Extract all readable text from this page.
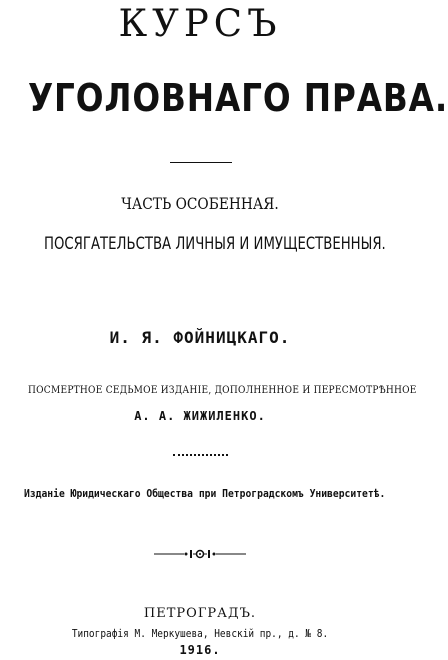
КУРСЪ
УГОЛОВНАГО ПРАВА.
ЧАСТЬ ОСОБЕННАЯ.
ПОСЯГАТЕЛЬСТВА ЛИЧНЫЯ И ИМУЩЕСТВЕННЫЯ.
И. Я. ФОЙНИЦКАГО.
ПОСМЕРТНОЕ СЕДЬМОЕ ИЗДАНІЕ, ДОПОЛНЕННОЕ И ПЕРЕСМОТРѢННОЕ
А. А. ЖИЖИЛЕНКО.
Изданіе Юридическаго Общества при Петроградскомъ Университетѣ.
ПЕТРОГРАДЪ.
Типографія М. Меркушева, Невскій пр., д. № 8.
1916.
